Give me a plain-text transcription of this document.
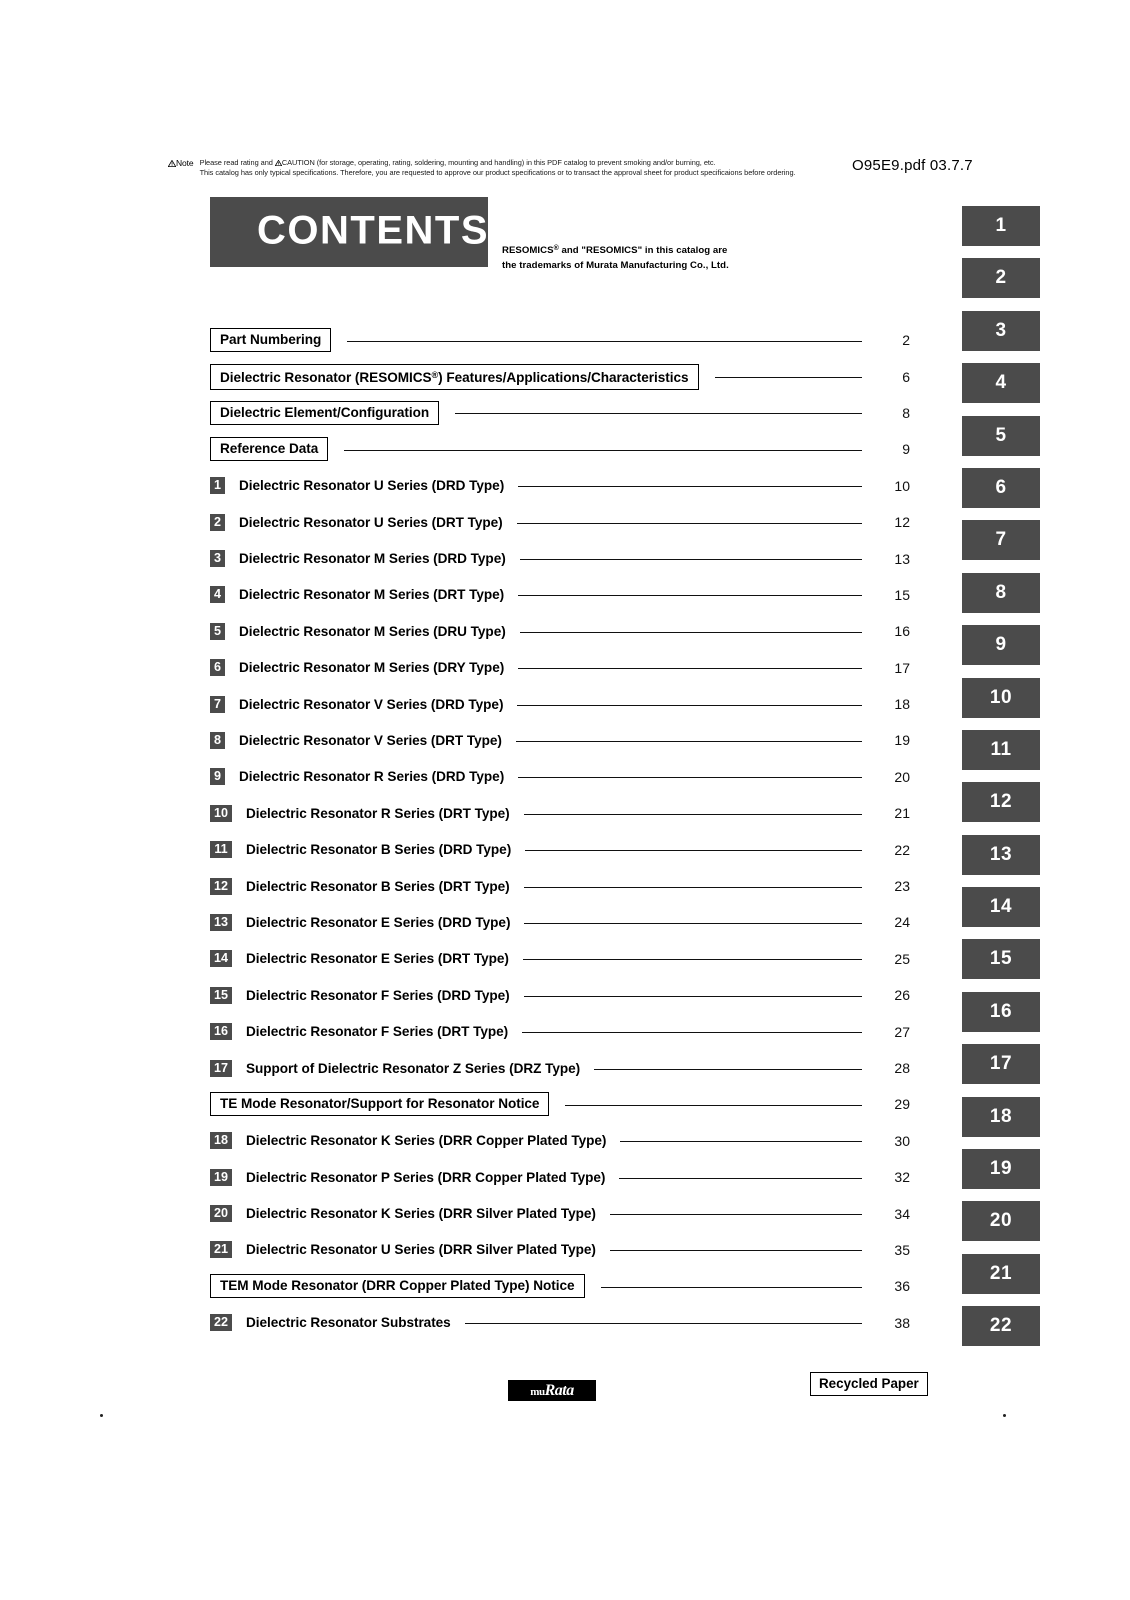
Note Please read rating and CAUTION (for storage, operating, rating, soldering, mounting and handling) in this PDF catalog to prevent smoking and/or burning, etc.
This catalog has only typical specifications. Therefore, you are requested to approve our product specifications or to transact the approval sheet for product specificaions before ordering.	O95E9.pdf 03.7.7
CONTENTS RESOMICS® and "RESOMICS" in this catalog are
the trademarks of Murata Manufacturing Co., Ltd.
Part Numbering	2
Dielectric Resonator (RESOMICS®) Features/Applications/Characteristics	6
Dielectric Element/Configuration	8
Reference Data	9
1 Dielectric Resonator U Series (DRD Type)	10
2 Dielectric Resonator U Series (DRT Type)	12
3 Dielectric Resonator M Series (DRD Type)	13
4 Dielectric Resonator M Series (DRT Type)	15
5 Dielectric Resonator M Series (DRU Type)	16
6 Dielectric Resonator M Series (DRY Type)	17
7 Dielectric Resonator V Series (DRD Type)	18
8 Dielectric Resonator V Series (DRT Type)	19
9 Dielectric Resonator R Series (DRD Type)	20
10 Dielectric Resonator R Series (DRT Type)	21
11	Dielectric Resonator B Series (DRD Type)	22
12 Dielectric Resonator B Series (DRT Type)	23
13 Dielectric Resonator E Series (DRD Type)	24
14 Dielectric Resonator E Series (DRT Type)	25
15 Dielectric Resonator F Series (DRD Type)	26
16 Dielectric Resonator F Series (DRT Type)	27
17 Support of Dielectric Resonator Z Series (DRZ Type)	28
TE Mode Resonator/Support for Resonator Notice	29
18 Dielectric Resonator K Series (DRR Copper Plated Type)	30
19 Dielectric Resonator P Series (DRR Copper Plated Type)	32
20 Dielectric Resonator K Series (DRR Silver Plated Type)	34
21 Dielectric Resonator U Series (DRR Silver Plated Type)	35
TEM Mode Resonator (DRR Copper Plated Type) Notice	36
22 Dielectric Resonator Substrates	38
1
2
3
4
5
6
7
8
9
10
11
12
13
14
15
16
17
18
19
20
21
22
muRata	Recycled Paper
